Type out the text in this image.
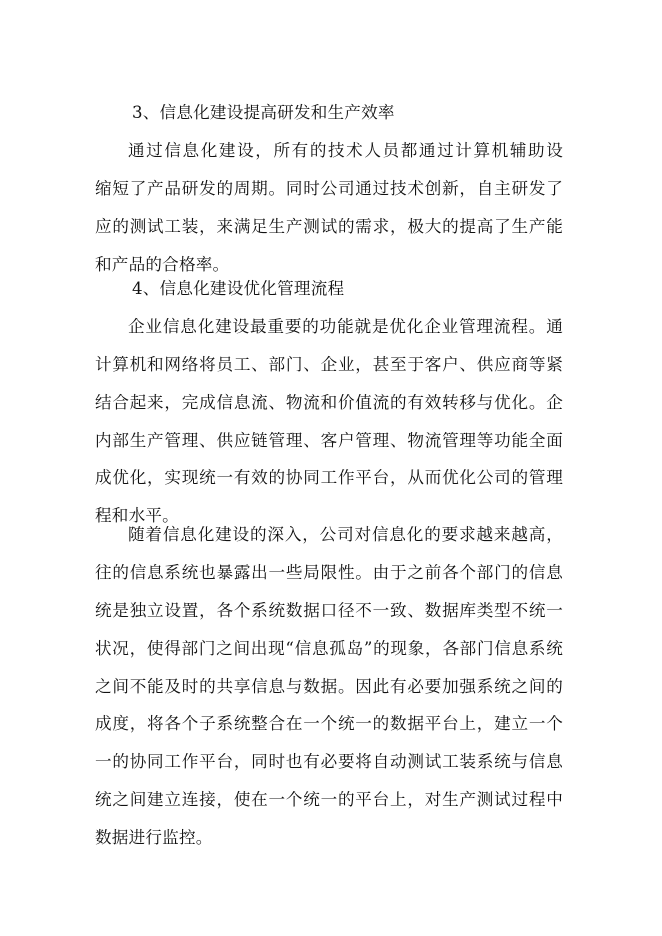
3、信息化建设提高研发和生产效率
通过信息化建设，所有的技术人员都通过计算机辅助设
缩短了产品研发的周期。同时公司通过技术创新，自主研发了
应的测试工装，来满足生产测试的需求，极大的提高了生产能
和产品的合格率。
4、信息化建设优化管理流程
企业信息化建设最重要的功能就是优化企业管理流程。通
计算机和网络将员工、部门、企业，甚至于客户、供应商等紧
结合起来，完成信息流、物流和价值流的有效转移与优化。企
内部生产管理、供应链管理、客户管理、物流管理等功能全面
成优化，实现统一有效的协同工作平台，从而优化公司的管理
程和水平。
随着信息化建设的深入，公司对信息化的要求越来越高，
往的信息系统也暴露出一些局限性。由于之前各个部门的信息
统是独立设置，各个系统数据口径不一致、数据库类型不统一
状况，使得部门之间出现“信息孤岛”的现象，各部门信息系统
之间不能及时的共享信息与数据。因此有必要加强系统之间的
成度，将各个子系统整合在一个统一的数据平台上，建立一个
一的协同工作平台，同时也有必要将自动测试工装系统与信息
统之间建立连接，使在一个统一的平台上，对生产测试过程中
数据进行监控。
